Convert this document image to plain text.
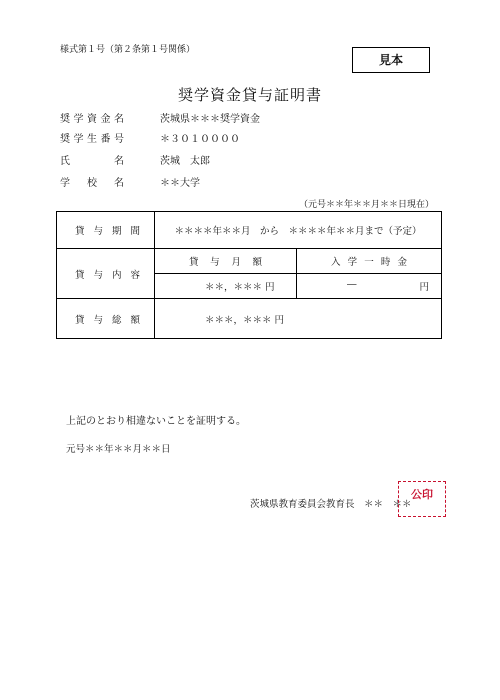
様式第１号（第２条第１号関係）
見本
奨学資金貸与証明書
奨 学 資 金 名	茨城県＊＊＊奨学資金
奨 学 生 番 号	＊３０１００００
氏	名	茨城　太郎
学 校 名	＊＊大学
（元号＊＊年＊＊月＊＊日現在）
貸 与 期 間	＊＊＊＊年＊＊月　から　＊＊＊＊年＊＊月まで（予定）	

貸 与 内 容	貸 与 月 額	入 学 一 時 金

	＊＊，＊＊＊ 円	― 円

貸 与 総 額	＊＊＊，＊＊＊ 円	
上記のとおり相違ないことを証明する。
元号＊＊年＊＊月＊＊日
茨城県教育委員会教育長　＊＊　＊＊
公印
